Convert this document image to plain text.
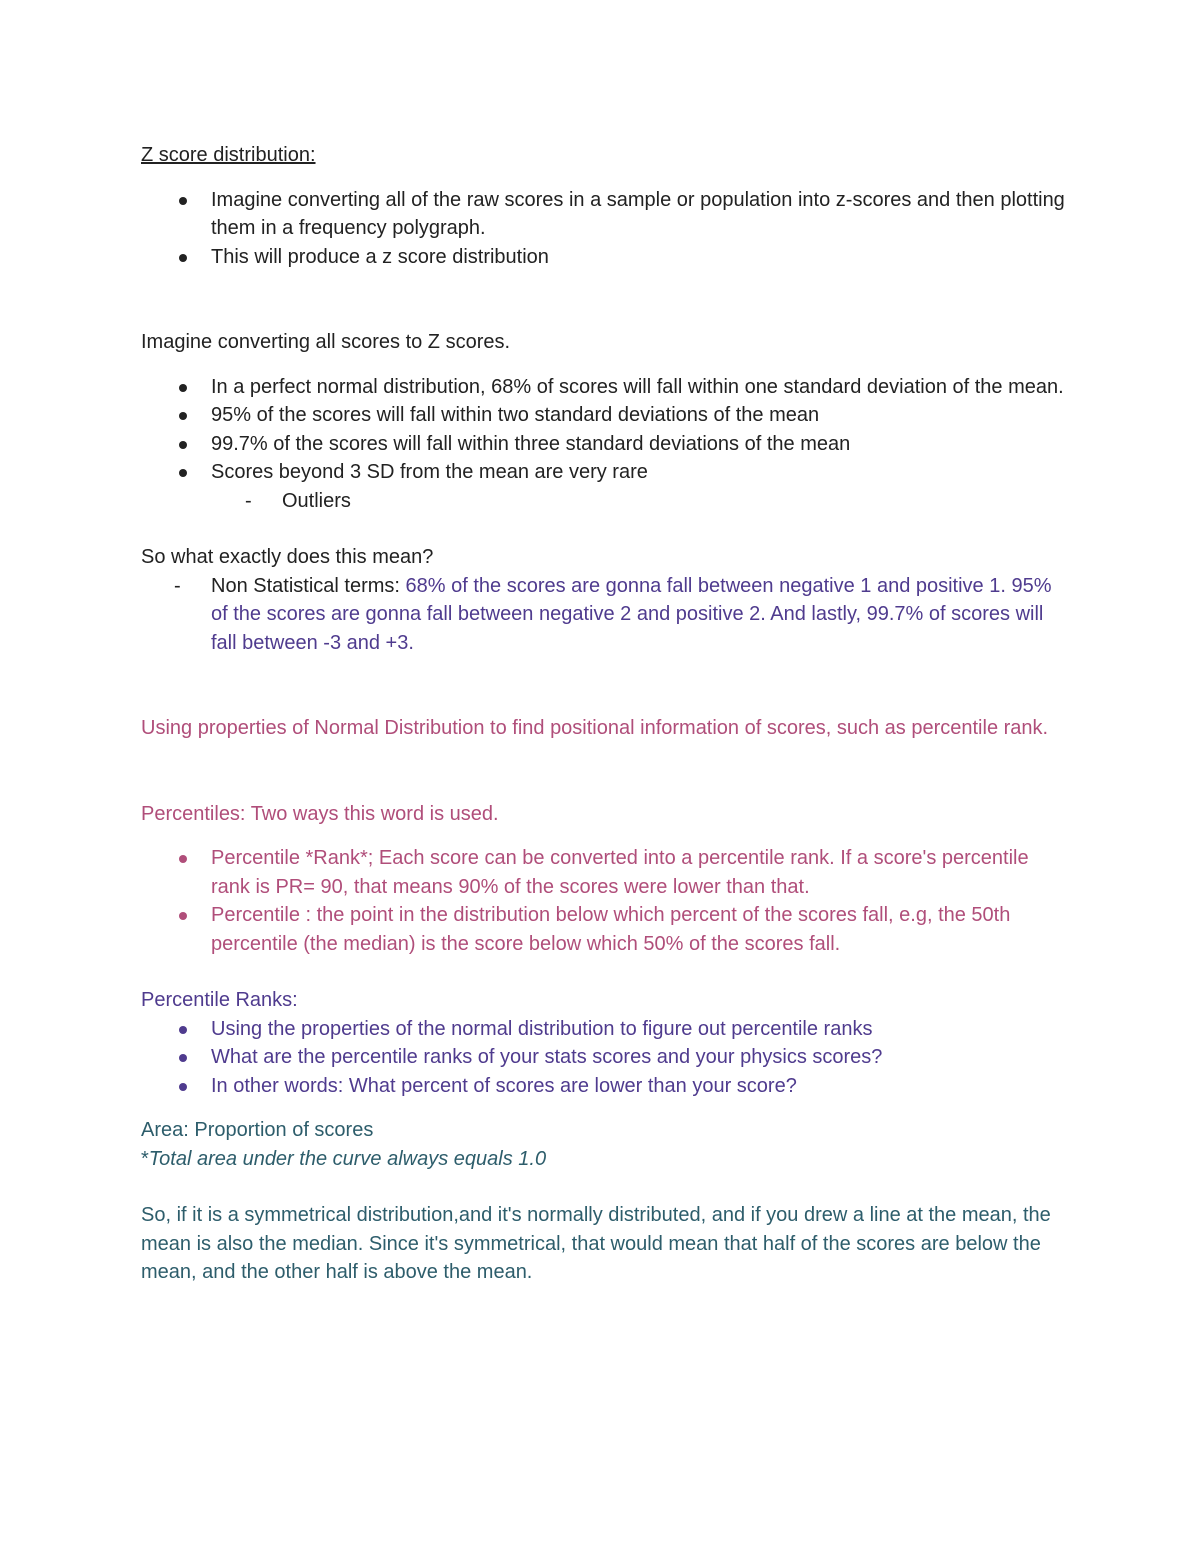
Z score distribution:

Imagine converting all of the raw scores in a sample or population into z-scores and then plotting them in a frequency polygraph.
This will produce a z score distribution

Imagine converting all scores to Z scores.

In a perfect normal distribution, 68% of scores will fall within one standard deviation of the mean.
95% of the scores will fall within two standard deviations of the mean
99.7% of the scores will fall within three standard deviations of the mean
Scores beyond 3 SD from the mean are very rare
- Outliers

So what exactly does this mean?

- Non Statistical terms: 68% of the scores are gonna fall between negative 1 and positive 1. 95% of the scores are gonna fall between negative 2 and positive 2. And lastly, 99.7% of scores will fall between -3 and +3.

Using properties of Normal Distribution to find positional information of scores, such as percentile rank.

Percentiles: Two ways this word is used.

Percentile *Rank*; Each score can be converted into a percentile rank. If a score's percentile rank is PR= 90, that means 90% of the scores were lower than that.
Percentile : the point in the distribution below which percent of the scores fall, e.g, the 50th percentile (the median) is the score below which 50% of the scores fall.

Percentile Ranks:

Using the properties of the normal distribution to figure out percentile ranks
What are the percentile ranks of your stats scores and your physics scores?
In other words: What percent of scores are lower than your score?

Area: Proportion of scores

*Total area under the curve always equals 1.0

So, if it is a symmetrical distribution,and it's normally distributed, and if you drew a line at the mean, the mean is also the median. Since it's symmetrical, that would mean that half of the scores are below the mean, and the other half is above the mean.
